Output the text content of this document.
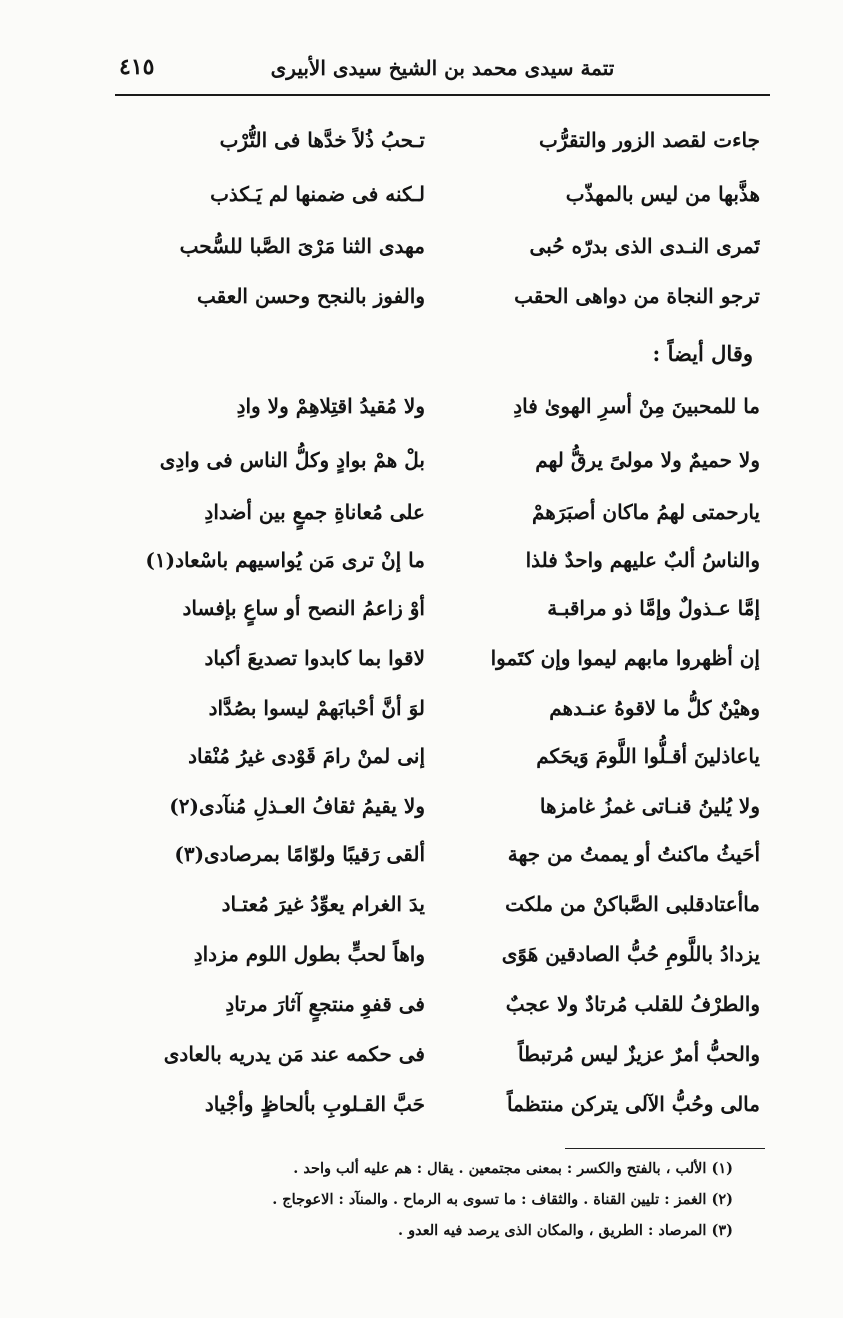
تتمة سيدى محمد بن الشيخ سيدى الأبيرى
٤١٥
جاءت لقصد الزور والتقرُّب
تـحبُ ذُلاً خدَّها فى التُّرْب
هذَّبها من ليس بالمهذّب
لـكنه فى ضمنها لم يَـكذب
تَمرى النـدى الذى بدرّه حُبى
مهدى الثنا مَرْىَ الصَّبا للسُّحب
ترجو النجاة من دواهى الحقب
والفوز بالنجح وحسن العقب
وقال أيضاً :
ما للمحبينَ مِنْ أسرِ الهوىٰ فادِ
ولا مُقيدُ اقتِلاهِمْ ولا وادِ
ولا حميمٌ ولا مولىً يرقُّ لهم
بلْ همْ بوادٍ وكلُّ الناس فى وادِى
يارحمتى لهمُ ماكان أصبَرَهمْ
على مُعاناةِ جمعٍ بين أضدادِ
والناسُ ألبٌ عليهم واحدٌ فلذا
ما إنْ ترى مَن يُواسيهم باسْعاد(١)
إمَّا عـذولٌ وإمَّا ذو مراقبـة
أوْ زاعمُ النصح أو ساعٍ بإفساد
إن أظهروا مابهم ليموا وإن كتَموا
لاقوا بما كابدوا تصديعَ أكباد
وهيْنٌ كلُّ ما لاقوهُ عنـدهم
لوَ أنَّ أحْبابَهمْ ليسوا بصُدَّاد
ياعاذلينَ أقـلُّوا اللَّومَ وَيحَكم
إنى لمنْ رامَ قَوْدى غيرُ مُنْقاد
ولا يُلينُ قنـاتى غمزُ غامزها
ولا يقيمُ ثقافُ العـذلِ مُنآدى(٢)
أحَيثُ ماكنتُ أو يممتُ من جهة
ألقى رَقيبًا ولوّامًا بمرصادى(٣)
ماأعتادقلبى الصَّباكنْ من ملكت
يدَ الغرام يعوِّدُ غيرَ مُعتـاد
يزدادُ باللَّومِ حُبُّ الصادقين هَوًى
واهاً لحبٍّ بطول اللوم مزدادِ
والطرْفُ للقلب مُرتادٌ ولا عجبٌ
فى قفوِ منتجعٍ آثارَ مرتادِ
والحبُّ أمرٌ عزيزٌ ليس مُرتبطاً
فى حكمه عند مَن يدريه بالعادى
مالى وحُبُّ الآلى يتركن منتظماً
حَبَّ القـلوبِ بألحاظٍ وأجْياد
(١) الألب ، بالفتح والكسر : بمعنى مجتمعين . يقال : هم عليه ألب واحد .
(٢) الغمز : تليين القناة . والثقاف : ما تسوى به الرماح . والمنآد : الاعوجاج .
(٣) المرصاد : الطريق ، والمكان الذى يرصد فيه العدو .
